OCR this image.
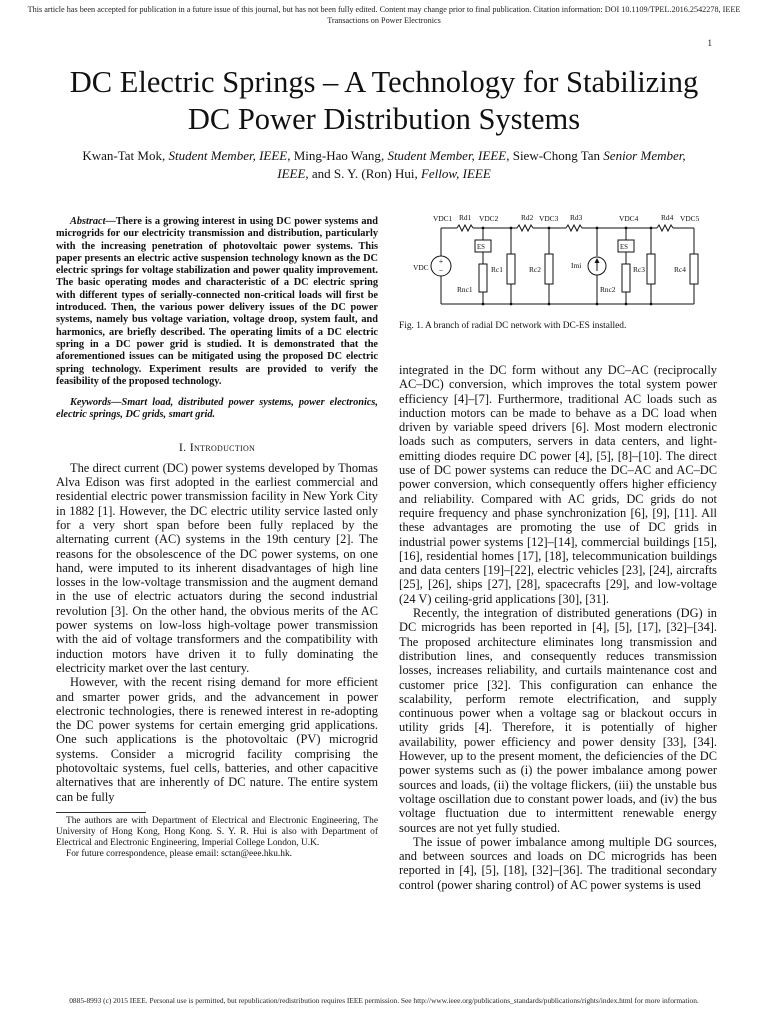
This article has been accepted for publication in a future issue of this journal, but has not been fully edited. Content may change prior to final publication. Citation information: DOI 10.1109/TPEL.2016.2542278, IEEE Transactions on Power Electronics
1
DC Electric Springs – A Technology for Stabilizing
DC Power Distribution Systems
Kwan-Tat Mok, Student Member, IEEE, Ming-Hao Wang, Student Member, IEEE, Siew-Chong Tan Senior Member, IEEE, and S. Y. (Ron) Hui, Fellow, IEEE

Abstract—There is a growing interest in using DC power systems and microgrids for our electricity transmission and distribution, particularly with the increasing penetration of photovoltaic power systems. This paper presents an electric active suspension technology known as the DC electric springs for voltage stabilization and power quality improvement. The basic operating modes and characteristic of a DC electric spring with different types of serially-connected non-critical loads will first be introduced. Then, the various power delivery issues of the DC power systems, namely bus voltage variation, voltage droop, system fault, and harmonics, are briefly described. The operating limits of a DC electric spring in a DC power grid is studied. It is demonstrated that the aforementioned issues can be mitigated using the proposed DC electric spring technology. Experiment results are provided to verify the feasibility of the proposed technology.

Keywords—Smart load, distributed power systems, power electronics, electric springs, DC grids, smart grid.

I. Introduction

The direct current (DC) power systems developed by Thomas Alva Edison was first adopted in the earliest commercial and residential electric power transmission facility in New York City in 1882 [1]. However, the DC electric utility service lasted only for a very short span before been fully replaced by the alternating current (AC) systems in the 19th century [2]. The reasons for the obsolescence of the DC power systems, on one hand, were imputed to its inherent disadvantages of high line losses in the low-voltage transmission and the augment demand in the use of electric actuators during the second industrial revolution [3]. On the other hand, the obvious merits of the AC power systems on low-loss high-voltage power transmission with the aid of voltage transformers and the compatibility with induction motors have driven it to fully dominating the electricity market over the last century.

However, with the recent rising demand for more efficient and smarter power grids, and the advancement in power electronic technologies, there is renewed interest in re-adopting the DC power systems for certain emerging grid applications. One such applications is the photovoltaic (PV) microgrid systems. Consider a microgrid facility comprising the photovoltaic systems, fuel cells, batteries, and other capacitive alternatives that are inherently of DC nature. The entire system can be fully

The authors are with Department of Electrical and Electronic Engineering, The University of Hong Kong, Hong Kong. S. Y. R. Hui is also with Department of Electrical and Electronic Engineering, Imperial College London, U.K.

For future correspondence, please email: sctan@eee.hku.hk.

+
−
VDC1 Rd1 VDC2	Rd2 VDC3 Rd3	VDC4	Rd4 VDC5
ES	ES
VDC	Rc1	Rc2	Imi	Rc3	Rc4
Rnc1	Rnc2
Fig. 1. A branch of radial DC network with DC-ES installed.

integrated in the DC form without any DC–AC (reciprocally AC–DC) conversion, which improves the total system power efficiency [4]–[7]. Furthermore, traditional AC loads such as induction motors can be made to behave as a DC load when driven by variable speed drivers [6]. Most modern electronic loads such as computers, servers in data centers, and light-emitting diodes require DC power [4], [5], [8]–[10]. The direct use of DC power systems can reduce the DC–AC and AC–DC power conversion, which consequently offers higher efficiency and reliability. Compared with AC grids, DC grids do not require frequency and phase synchronization [6], [9], [11]. All these advantages are promoting the use of DC grids in industrial power systems [12]–[14], commercial buildings [15], [16], residential homes [17], [18], telecommunication buildings and data centers [19]–[22], electric vehicles [23], [24], aircrafts [25], [26], ships [27], [28], spacecrafts [29], and low-voltage (24 V) ceiling-grid applications [30], [31].

Recently, the integration of distributed generations (DG) in DC microgrids has been reported in [4], [5], [17], [32]–[34]. The proposed architecture eliminates long transmission and distribution lines, and consequently reduces transmission losses, increases reliability, and curtails maintenance cost and customer price [32]. This configuration can enhance the scalability, perform remote electrification, and supply continuous power when a voltage sag or blackout occurs in utility grids [4]. Therefore, it is potentially of higher availability, power efficiency and power density [33], [34]. However, up to the present moment, the deficiencies of the DC power systems such as (i) the power imbalance among power sources and loads, (ii) the voltage flickers, (iii) the unstable bus voltage oscillation due to constant power loads, and (iv) the bus voltage fluctuation due to intermittent renewable energy sources are not yet fully studied.

The issue of power imbalance among multiple DG sources, and between sources and loads on DC microgrids has been reported in [4], [5], [18], [32]–[36]. The traditional secondary control (power sharing control) of AC power systems is used

0885-8993 (c) 2015 IEEE. Personal use is permitted, but republication/redistribution requires IEEE permission. See http://www.ieee.org/publications_standards/publications/rights/index.html for more information.
